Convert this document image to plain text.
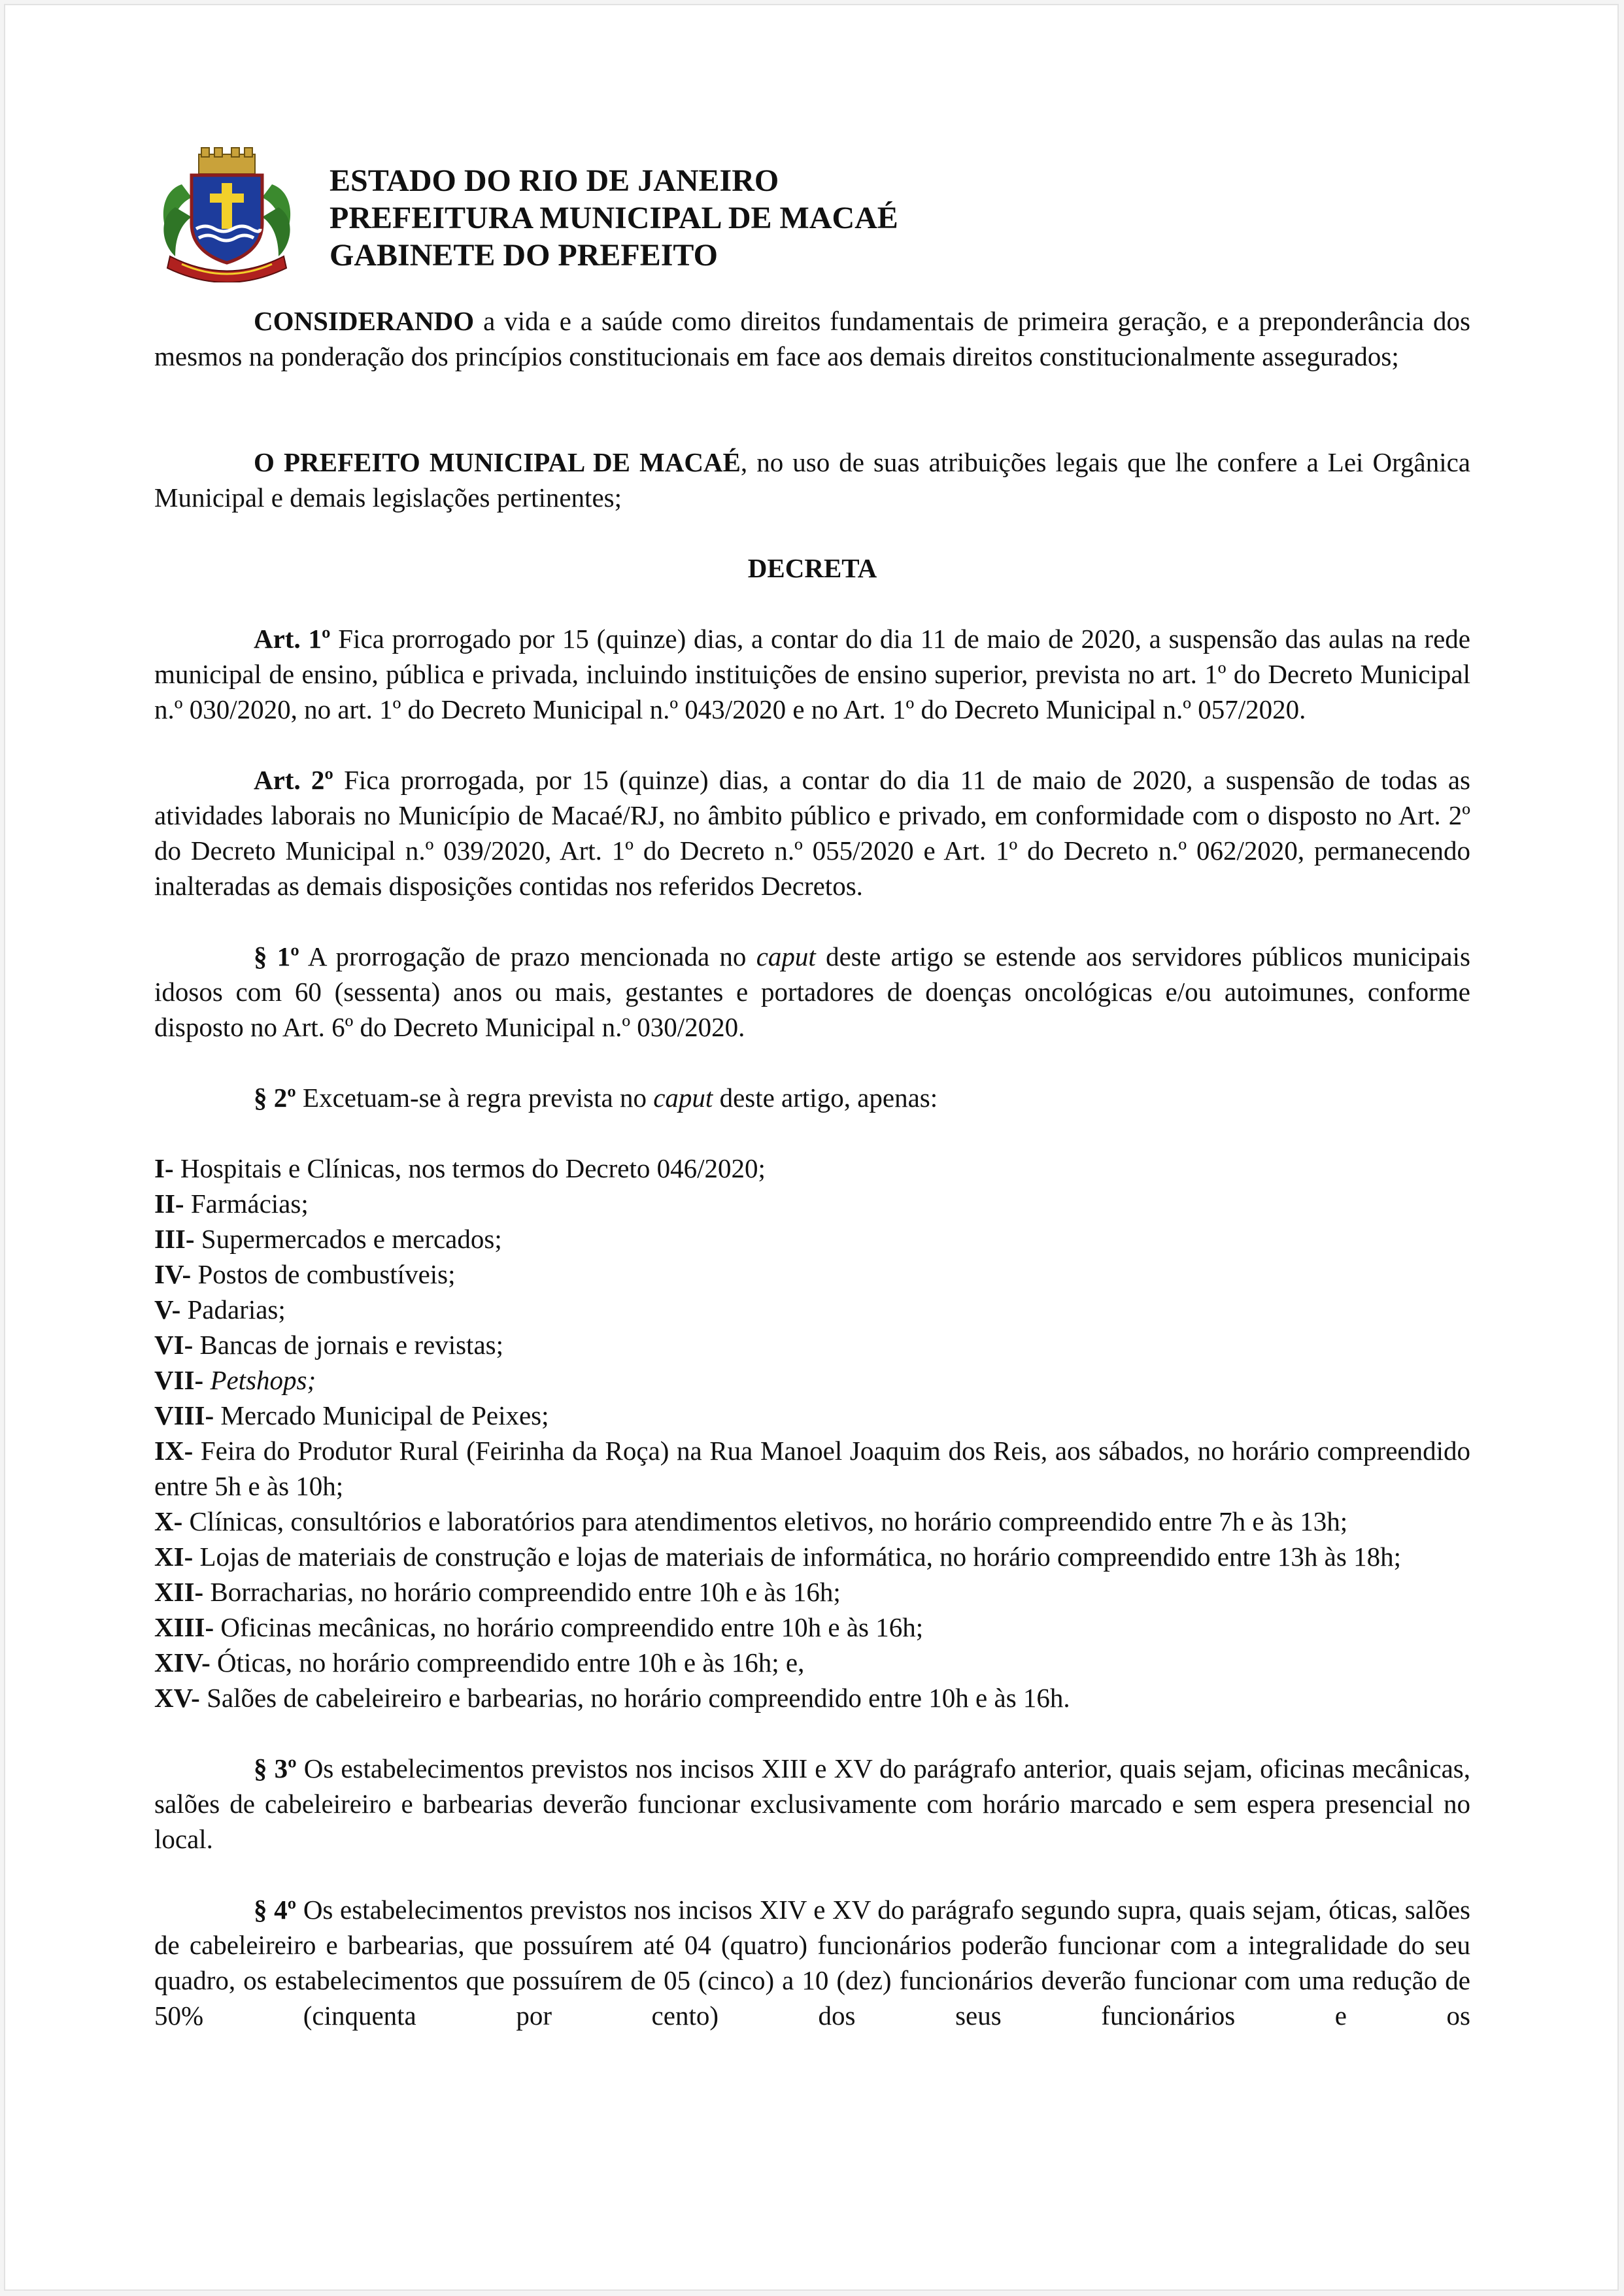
ESTADO DO RIO DE JANEIRO
PREFEITURA MUNICIPAL DE MACAÉ
GABINETE DO PREFEITO

CONSIDERANDO a vida e a saúde como direitos fundamentais de primeira geração, e a preponderância dos mesmos na ponderação dos princípios constitucionais em face aos demais direitos constitucionalmente assegurados;

O PREFEITO MUNICIPAL DE MACAÉ, no uso de suas atribuições legais que lhe confere a Lei Orgânica Municipal e demais legislações pertinentes;

DECRETA

Art. 1º Fica prorrogado por 15 (quinze) dias, a contar do dia 11 de maio de 2020, a suspensão das aulas na rede municipal de ensino, pública e privada, incluindo instituições de ensino superior, prevista no art. 1º do Decreto Municipal n.º 030/2020, no art. 1º do Decreto Municipal n.º 043/2020 e no Art. 1º do Decreto Municipal n.º 057/2020.

Art. 2º Fica prorrogada, por 15 (quinze) dias, a contar do dia 11 de maio de 2020, a suspensão de todas as atividades laborais no Município de Macaé/RJ, no âmbito público e privado, em conformidade com o disposto no Art. 2º do Decreto Municipal n.º 039/2020, Art. 1º do Decreto n.º 055/2020 e Art. 1º do Decreto n.º 062/2020, permanecendo inalteradas as demais disposições contidas nos referidos Decretos.

§ 1º A prorrogação de prazo mencionada no caput deste artigo se estende aos servidores públicos municipais idosos com 60 (sessenta) anos ou mais, gestantes e portadores de doenças oncológicas e/ou autoimunes, conforme disposto no Art. 6º do Decreto Municipal n.º 030/2020.

§ 2º Excetuam-se à regra prevista no caput deste artigo, apenas:

I- Hospitais e Clínicas, nos termos do Decreto 046/2020;

II- Farmácias;

III- Supermercados e mercados;

IV- Postos de combustíveis;

V- Padarias;

VI- Bancas de jornais e revistas;

VII- Petshops;

VIII- Mercado Municipal de Peixes;

IX- Feira do Produtor Rural (Feirinha da Roça) na Rua Manoel Joaquim dos Reis, aos sábados, no horário compreendido entre 5h e às 10h;

X- Clínicas, consultórios e laboratórios para atendimentos eletivos, no horário compreendido entre 7h e às 13h;

XI- Lojas de materiais de construção e lojas de materiais de informática, no horário compreendido entre 13h às 18h;

XII- Borracharias, no horário compreendido entre 10h e às 16h;

XIII- Oficinas mecânicas, no horário compreendido entre 10h e às 16h;

XIV- Óticas, no horário compreendido entre 10h e às 16h; e,

XV- Salões de cabeleireiro e barbearias, no horário compreendido entre 10h e às 16h.

§ 3º Os estabelecimentos previstos nos incisos XIII e XV do parágrafo anterior, quais sejam, oficinas mecânicas, salões de cabeleireiro e barbearias deverão funcionar exclusivamente com horário marcado e sem espera presencial no local.

§ 4º Os estabelecimentos previstos nos incisos XIV e XV do parágrafo segundo supra, quais sejam, óticas, salões de cabeleireiro e barbearias, que possuírem até 04 (quatro) funcionários poderão funcionar com a integralidade do seu quadro, os estabelecimentos que possuírem de 05 (cinco) a 10 (dez) funcionários deverão funcionar com uma redução de 50% (cinquenta por cento) dos seus funcionários e os
